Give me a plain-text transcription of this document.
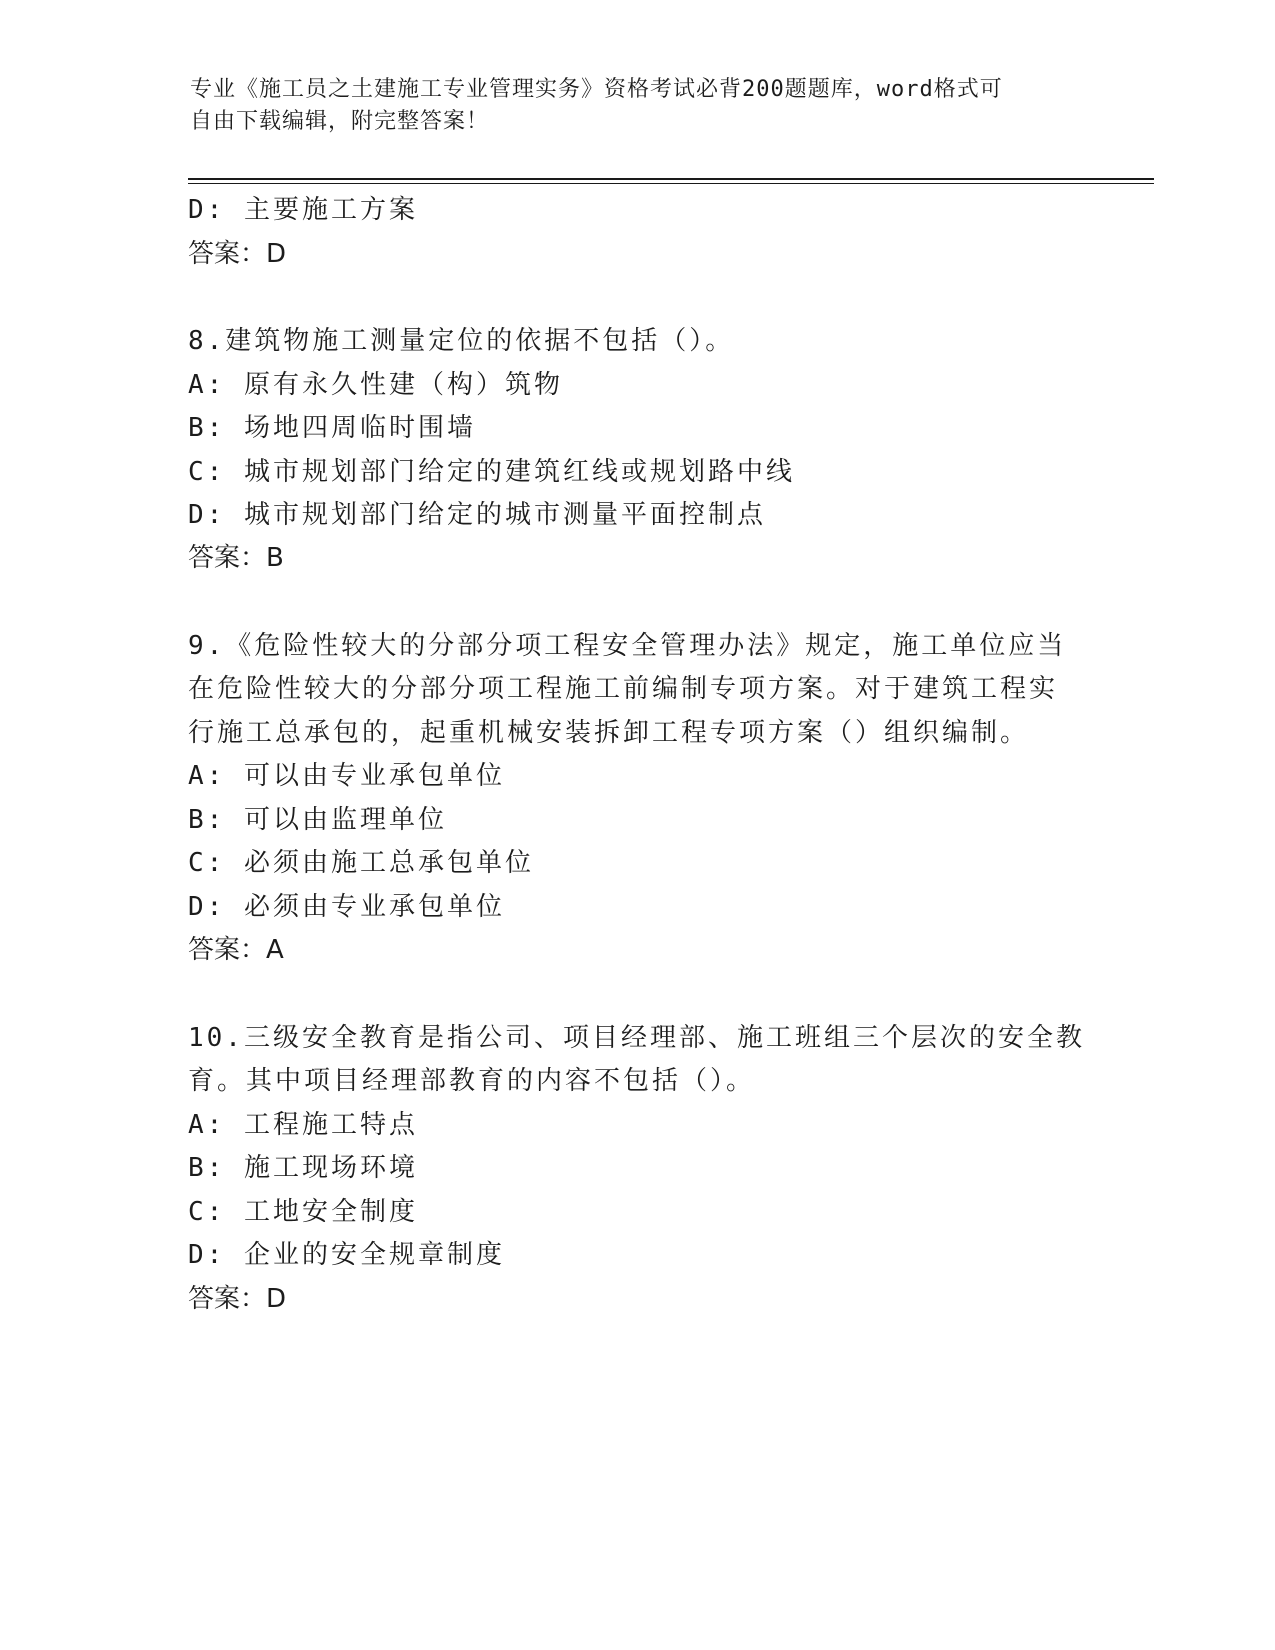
专业《施工员之土建施工专业管理实务》资格考试必背200题题库，word格式可
自由下载编辑，附完整答案！
D: 主要施工方案
答案：D
8.建筑物施工测量定位的依据不包括（）。
A: 原有永久性建（构）筑物
B: 场地四周临时围墙
C: 城市规划部门给定的建筑红线或规划路中线
D: 城市规划部门给定的城市测量平面控制点
答案：B
9.《危险性较大的分部分项工程安全管理办法》规定，施工单位应当
在危险性较大的分部分项工程施工前编制专项方案。对于建筑工程实
行施工总承包的，起重机械安装拆卸工程专项方案（）组织编制。
A: 可以由专业承包单位
B: 可以由监理单位
C: 必须由施工总承包单位
D: 必须由专业承包单位
答案：A
10.三级安全教育是指公司、项目经理部、施工班组三个层次的安全教
育。其中项目经理部教育的内容不包括（）。
A: 工程施工特点
B: 施工现场环境
C: 工地安全制度
D: 企业的安全规章制度
答案：D
